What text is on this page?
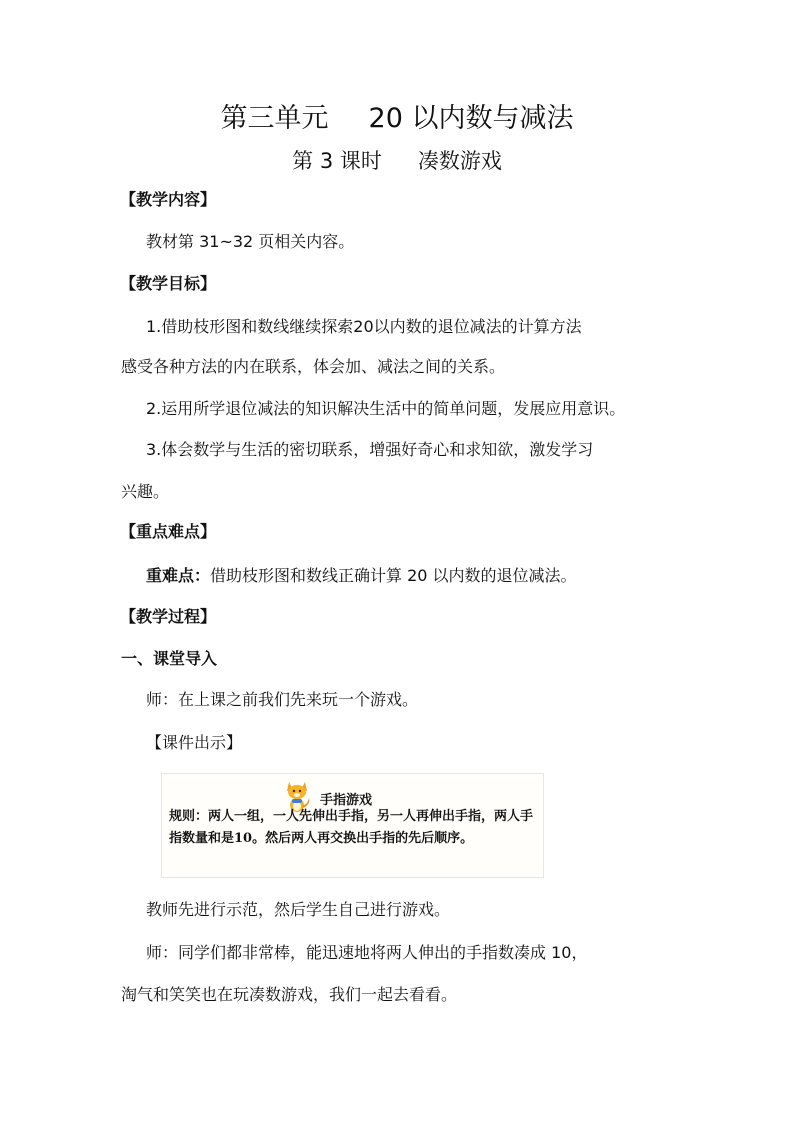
第三单元 20 以内数与减法
第 3 课时 凑数游戏
【教学内容】
教材第 31~32 页相关内容。
【教学目标】
1.借助枝形图和数线继续探索20以内数的退位减法的计算方法
感受各种方法的内在联系，体会加、减法之间的关系。
2.运用所学退位减法的知识解决生活中的简单问题，发展应用意识。
3.体会数学与生活的密切联系，增强好奇心和求知欲，激发学习
兴趣。
【重点难点】
重难点：借助枝形图和数线正确计算 20 以内数的退位减法。
【教学过程】
一、课堂导入
师：在上课之前我们先来玩一个游戏。
【课件出示】
手指游戏
规则：两人一组，一人先伸出手指，另一人再伸出手指，两人手指数量和是10。然后两人再交换出手指的先后顺序。
教师先进行示范，然后学生自己进行游戏。
师：同学们都非常棒，能迅速地将两人伸出的手指数凑成 10，
淘气和笑笑也在玩凑数游戏，我们一起去看看。
